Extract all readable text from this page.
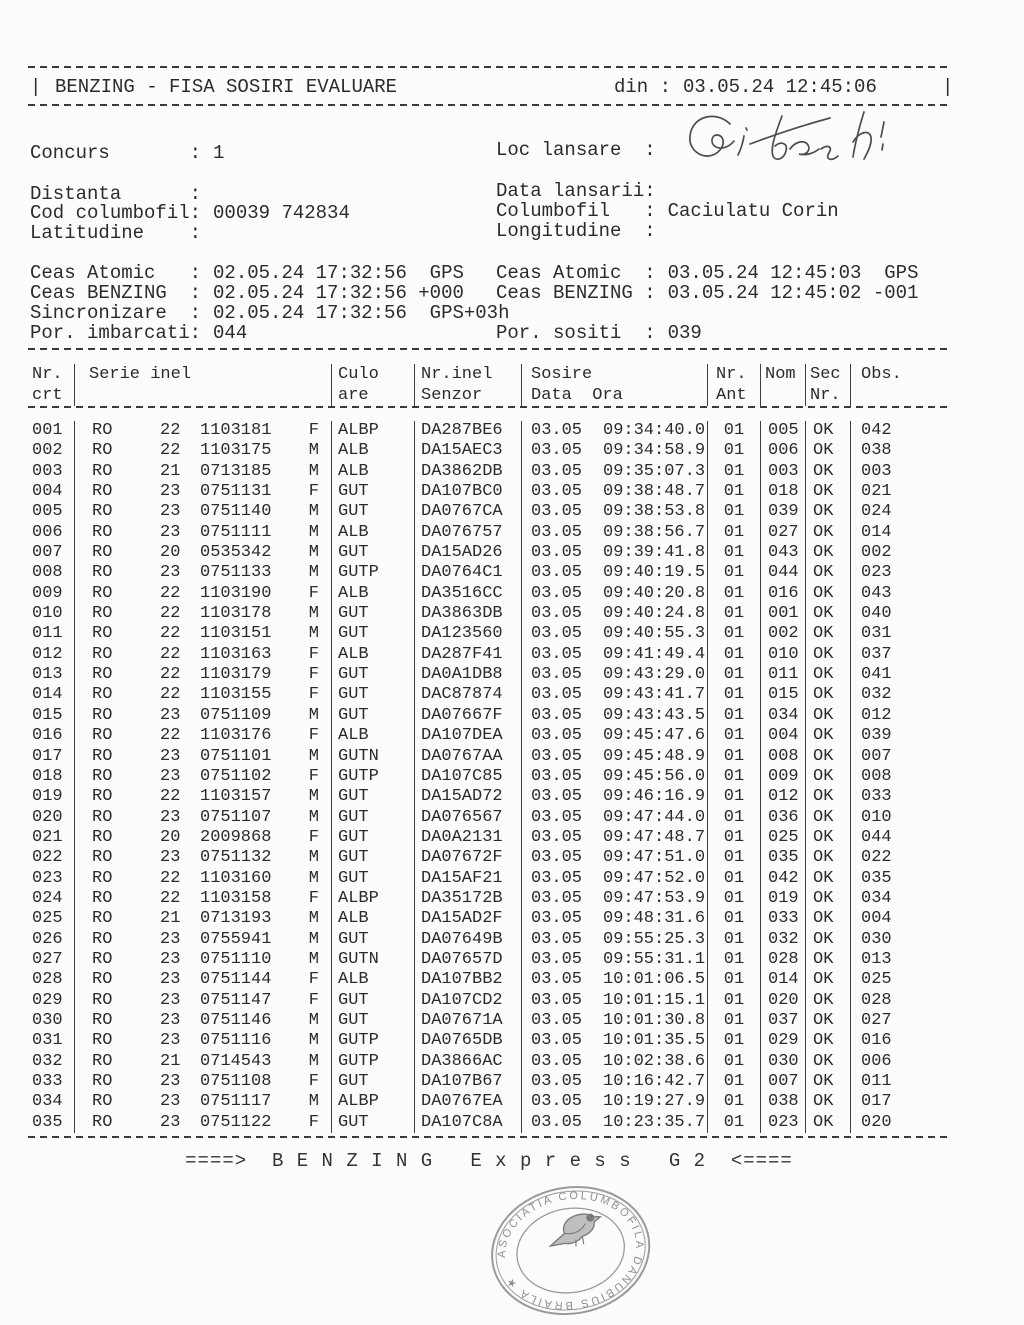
| BENZING - FISA SOSIRI EVALUARE	din : 03.05.24 12:45:06	|
Concurs	: 1
Distanta	:
Cod columbofil: 00039 742834
Latitudine :
Loc lansare :
Data lansarii:
Columbofil : Caciulatu Corin
Longitudine :
Ceas Atomic : 02.05.24 17:32:56  GPS
Ceas BENZING : 02.05.24 17:32:56 +000
Sincronizare : 02.05.24 17:32:56  GPS+03h
Por. imbarcati: 044
Ceas Atomic : 03.05.24 12:45:03  GPS
Ceas BENZING : 03.05.24 12:45:02 -001
Por. sositi : 039
Nr.	Serie inel	Culo	Nr.inel	Sosire	Nr.	Nom Sec	Obs.
crt	are	Senzor	Data  Ora	Ant	Nr.
001	RO	22	1103181	F	ALBP	DA287BE6	03.05 09:34:40.0	01	005 OK	042
002	RO	22	1103175	M	ALB	DA15AEC3	03.05 09:34:58.9	01	006 OK	038
003	RO	21	0713185	M	ALB	DA3862DB	03.05 09:35:07.3	01	003 OK	003
004	RO	23	0751131	F	GUT	DA107BC0	03.05 09:38:48.7	01	018 OK	021
005	RO	23	0751140	M	GUT	DA0767CA	03.05 09:38:53.8	01	039 OK	024
006	RO	23	0751111	M	ALB	DA076757	03.05 09:38:56.7	01	027 OK	014
007	RO	20	0535342	M	GUT	DA15AD26	03.05 09:39:41.8	01	043 OK	002
008	RO	23	0751133	M	GUTP	DA0764C1	03.05 09:40:19.5	01	044 OK	023
009	RO	22	1103190	F	ALB	DA3516CC	03.05 09:40:20.8	01	016 OK	043
010	RO	22	1103178	M	GUT	DA3863DB	03.05 09:40:24.8	01	001 OK	040
011	RO	22	1103151	M	GUT	DA123560	03.05 09:40:55.3	01	002 OK	031
012	RO	22	1103163	F	ALB	DA287F41	03.05 09:41:49.4	01	010 OK	037
013	RO	22	1103179	F	GUT	DA0A1DB8	03.05 09:43:29.0	01	011 OK	041
014	RO	22	1103155	F	GUT	DAC87874	03.05 09:43:41.7	01	015 OK	032
015	RO	23	0751109	M	GUT	DA07667F	03.05 09:43:43.5	01	034 OK	012
016	RO	22	1103176	F	ALB	DA107DEA	03.05 09:45:47.6	01	004 OK	039
017	RO	23	0751101	M	GUTN	DA0767AA	03.05 09:45:48.9	01	008 OK	007
018	RO	23	0751102	F	GUTP	DA107C85	03.05 09:45:56.0	01	009 OK	008
019	RO	22	1103157	M	GUT	DA15AD72	03.05 09:46:16.9	01	012 OK	033
020	RO	23	0751107	M	GUT	DA076567	03.05 09:47:44.0	01	036 OK	010
021	RO	20	2009868	F	GUT	DA0A2131	03.05 09:47:48.7	01	025 OK	044
022	RO	23	0751132	M	GUT	DA07672F	03.05 09:47:51.0	01	035 OK	022
023	RO	22	1103160	M	GUT	DA15AF21	03.05 09:47:52.0	01	042 OK	035
024	RO	22	1103158	F	ALBP	DA35172B	03.05 09:47:53.9	01	019 OK	034
025	RO	21	0713193	M	ALB	DA15AD2F	03.05 09:48:31.6	01	033 OK	004
026	RO	23	0755941	M	GUT	DA07649B	03.05 09:55:25.3	01	032 OK	030
027	RO	23	0751110	M	GUTN	DA07657D	03.05 09:55:31.1	01	028 OK	013
028	RO	23	0751144	F	ALB	DA107BB2	03.05 10:01:06.5	01	014 OK	025
029	RO	23	0751147	F	GUT	DA107CD2	03.05 10:01:15.1	01	020 OK	028
030	RO	23	0751146	M	GUT	DA07671A	03.05 10:01:30.8	01	037 OK	027
031	RO	23	0751116	M	GUTP	DA0765DB	03.05 10:01:35.5	01	029 OK	016
032	RO	21	0714543	M	GUTP	DA3866AC	03.05 10:02:38.6	01	030 OK	006
033	RO	23	0751108	F	GUT	DA107B67	03.05 10:16:42.7	01	007 OK	011
034	RO	23	0751117	M	ALBP	DA0767EA	03.05 10:19:27.9	01	038 OK	017
035	RO	23	0751122	F	GUT	DA107C8A	03.05 10:23:35.7	01	023 OK	020
====>  B E N Z I N G   E x p r e s s   G 2  <====
ASOCIATIA COLUMBOFILA DANUBIUS BRAILA ★
